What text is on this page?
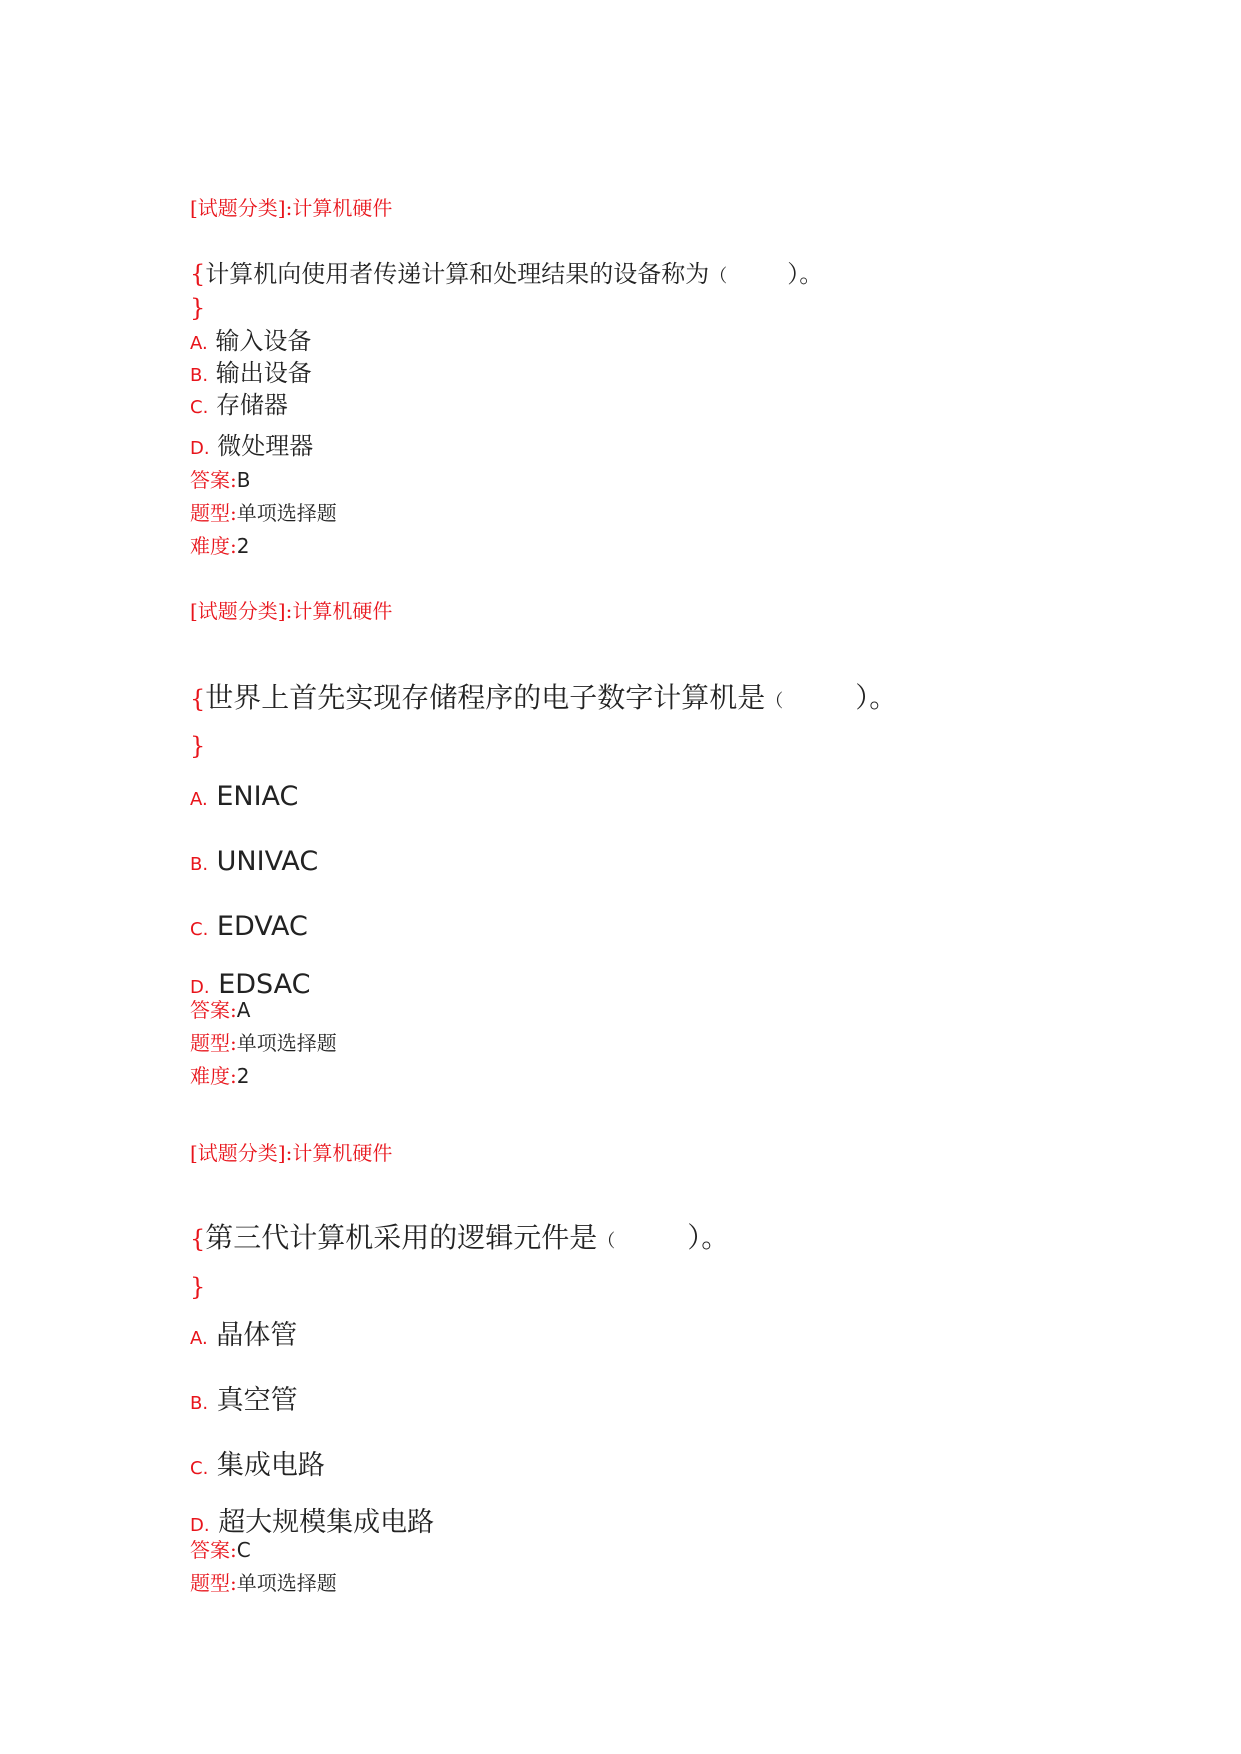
[试题分类]:计算机硬件
{计算机向使用者传递计算和处理结果的设备称为（	）。
}
A. 输入设备
B. 输出设备
C. 存储器
D. 微处理器
答案:B
题型:单项选择题
难度:2
[试题分类]:计算机硬件
{世界上首先实现存储程序的电子数字计算机是（	）。
}
A. ENIAC
B. UNIVAC
C. EDVAC
D. EDSAC
答案:A
题型:单项选择题
难度:2
[试题分类]:计算机硬件
{第三代计算机采用的逻辑元件是（	）。
}
A. 晶体管
B. 真空管
C. 集成电路
D. 超大规模集成电路
答案:C
题型:单项选择题
